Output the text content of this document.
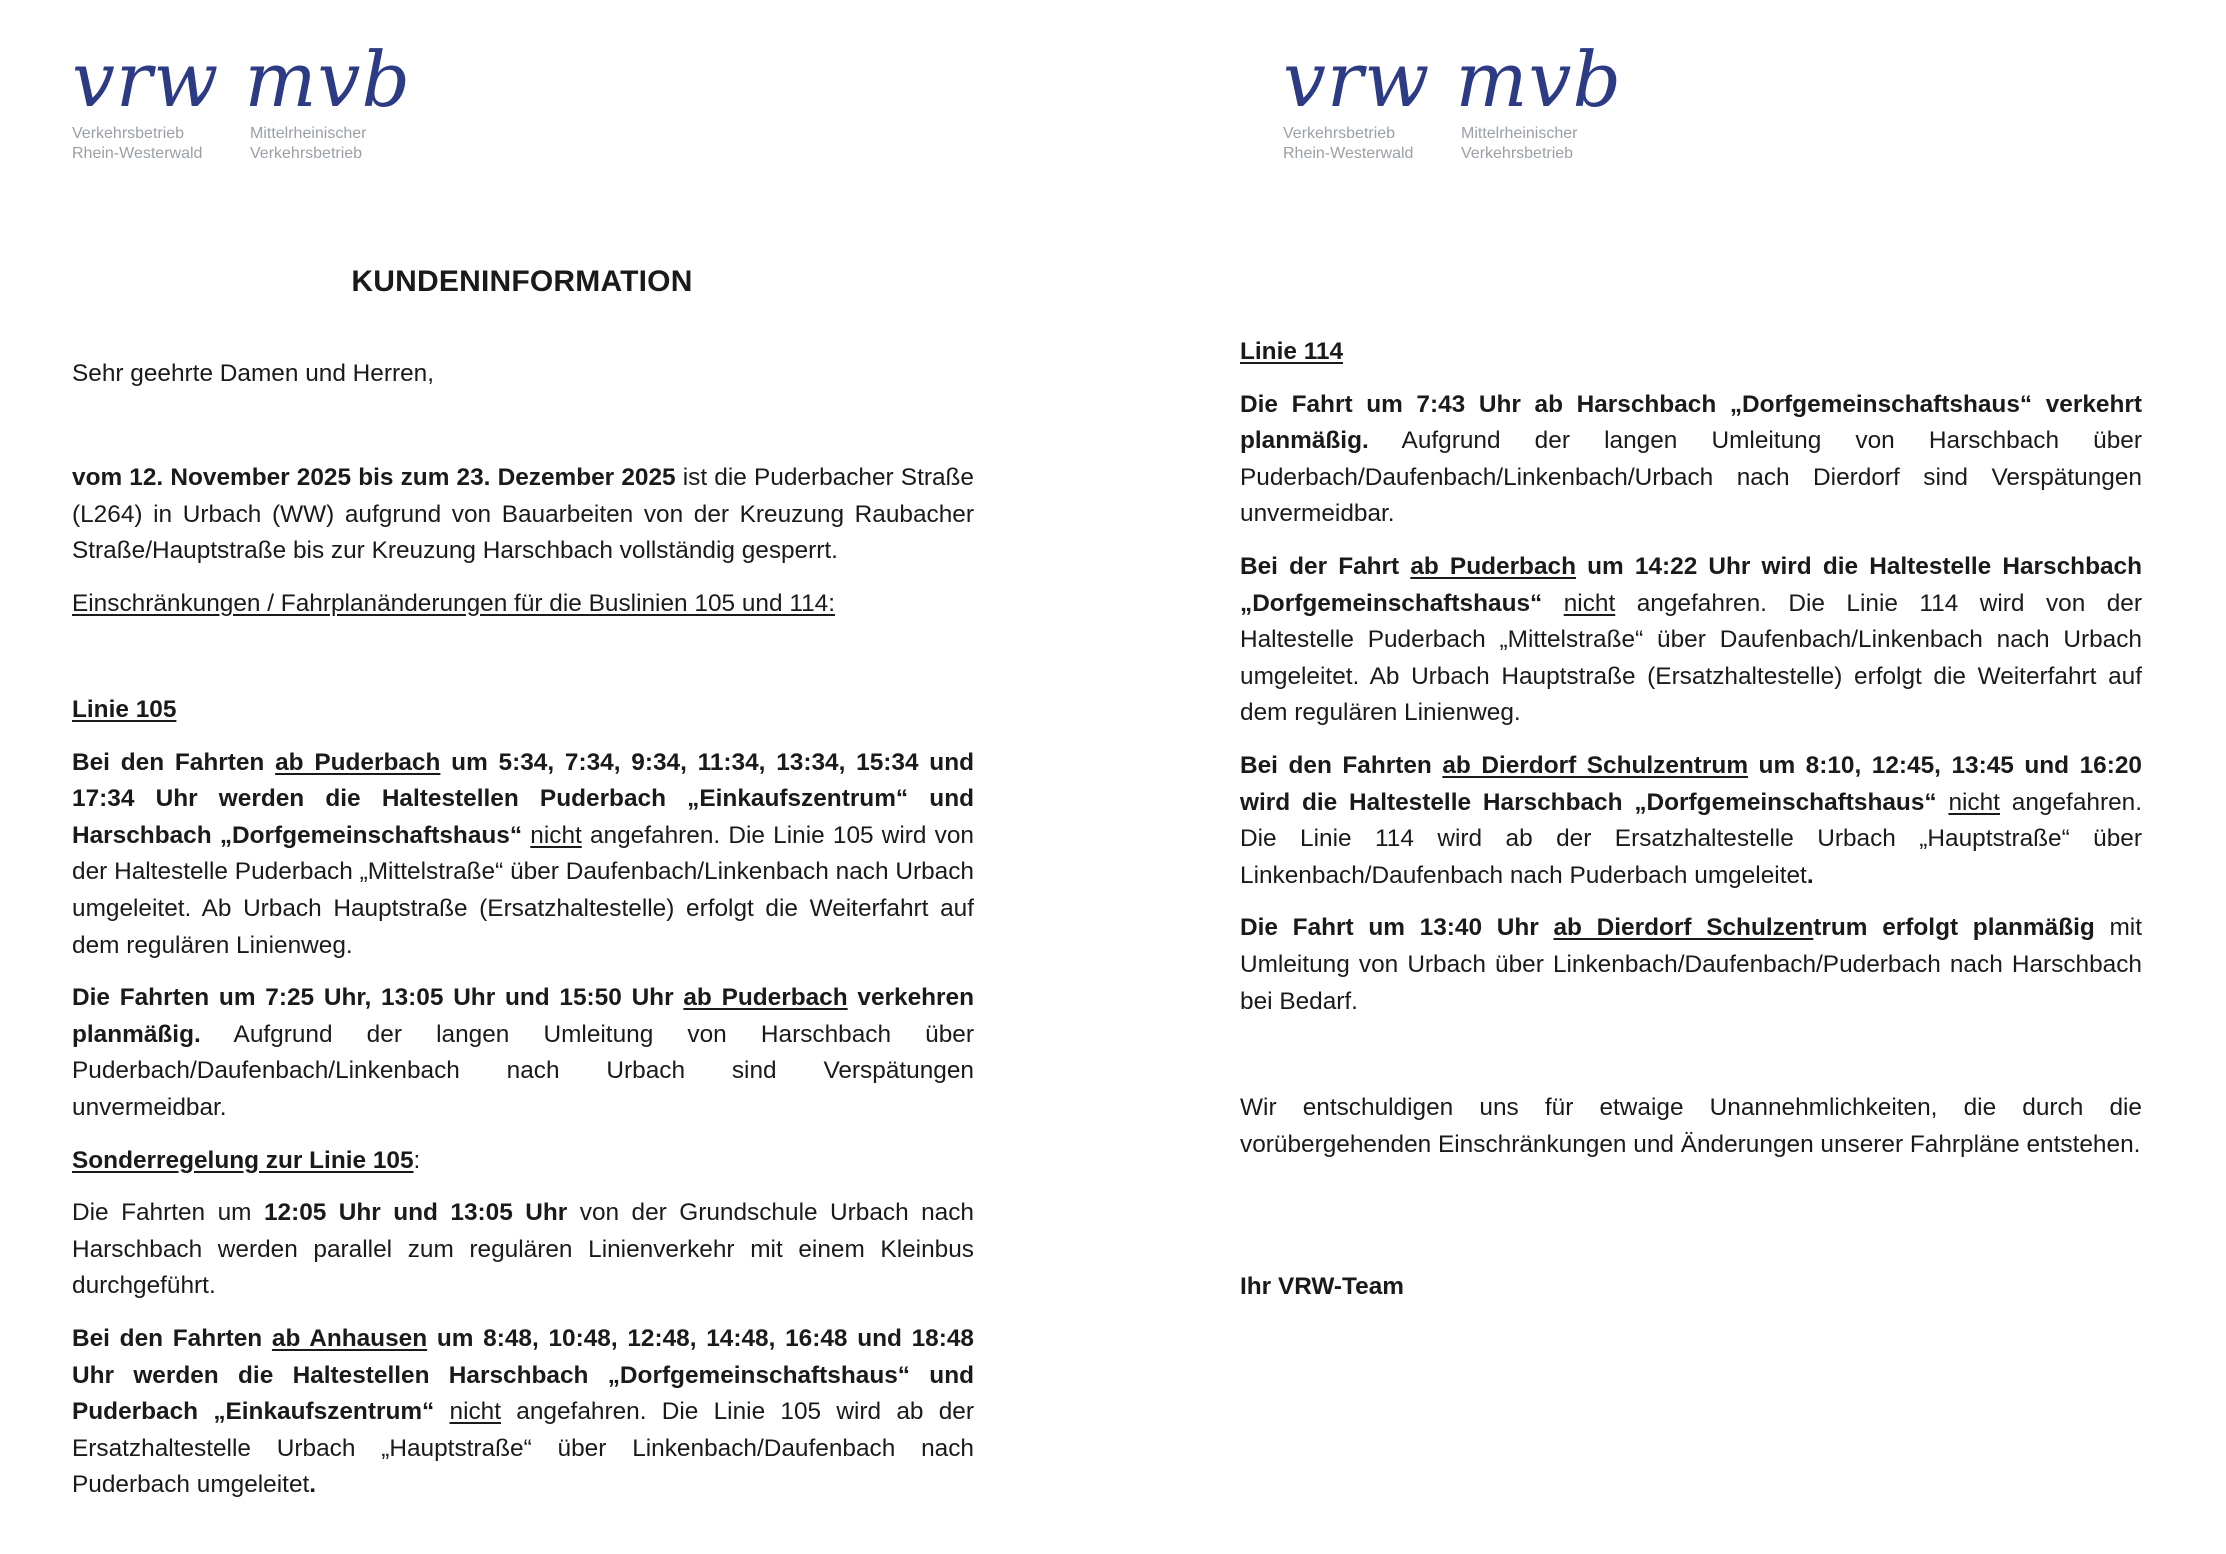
vrw mvb
Verkehrsbetrieb
Rhein-Westerwald
Mittelrheinischer
Verkehrsbetrieb
KUNDENINFORMATION

Sehr geehrte Damen und Herren,

vom 12. November 2025 bis zum 23. Dezember 2025 ist die Puderbacher Straße (L264) in Urbach (WW) aufgrund von Bauarbeiten von der Kreuzung Raubacher Straße/Hauptstraße bis zur Kreuzung Harschbach vollständig gesperrt.

Einschränkungen / Fahrplanänderungen für die Buslinien 105 und 114:

Linie 105

Bei den Fahrten ab Puderbach um 5:34, 7:34, 9:34, 11:34, 13:34, 15:34 und 17:34 Uhr werden die Haltestellen Puderbach „Einkaufszentrum“ und Harschbach „Dorfgemeinschaftshaus“ nicht angefahren. Die Linie 105 wird von der Haltestelle Puderbach „Mittelstraße“ über Daufenbach/Linkenbach nach Urbach umgeleitet. Ab Urbach Hauptstraße (Ersatzhaltestelle) erfolgt die Weiterfahrt auf dem regulären Linienweg.

Die Fahrten um 7:25 Uhr, 13:05 Uhr und 15:50 Uhr ab Puderbach verkehren planmäßig. Aufgrund der langen Umleitung von Harschbach über Puderbach/Daufenbach/Linkenbach nach Urbach sind Verspätungen unvermeidbar.

Sonderregelung zur Linie 105:

Die Fahrten um 12:05 Uhr und 13:05 Uhr von der Grundschule Urbach nach Harschbach werden parallel zum regulären Linienverkehr mit einem Kleinbus durchgeführt.

Bei den Fahrten ab Anhausen um 8:48, 10:48, 12:48, 14:48, 16:48 und 18:48 Uhr werden die Haltestellen Harschbach „Dorfgemeinschaftshaus“ und Puderbach „Einkaufszentrum“ nicht angefahren. Die Linie 105 wird ab der Ersatzhaltestelle Urbach „Hauptstraße“ über Linkenbach/Daufenbach nach Puderbach umgeleitet.

vrw mvb
Verkehrsbetrieb
Rhein-Westerwald
Mittelrheinischer
Verkehrsbetrieb

Linie 114

Die Fahrt um 7:43 Uhr ab Harschbach „Dorfgemeinschaftshaus“ verkehrt planmäßig. Aufgrund der langen Umleitung von Harschbach über Puderbach/Daufenbach/Linkenbach/Urbach nach Dierdorf sind Verspätungen unvermeidbar.

Bei der Fahrt ab Puderbach um 14:22 Uhr wird die Haltestelle Harschbach „Dorfgemeinschaftshaus“ nicht angefahren. Die Linie 114 wird von der Haltestelle Puderbach „Mittelstraße“ über Daufenbach/Linkenbach nach Urbach umgeleitet. Ab Urbach Hauptstraße (Ersatzhaltestelle) erfolgt die Weiterfahrt auf dem regulären Linienweg.

Bei den Fahrten ab Dierdorf Schulzentrum um 8:10, 12:45, 13:45 und 16:20 wird die Haltestelle Harschbach „Dorfgemeinschaftshaus“ nicht angefahren. Die Linie 114 wird ab der Ersatzhaltestelle Urbach „Hauptstraße“ über Linkenbach/Daufenbach nach Puderbach umgeleitet.

Die Fahrt um 13:40 Uhr ab Dierdorf Schulzentrum erfolgt planmäßig mit Umleitung von Urbach über Linkenbach/Daufenbach/Puderbach nach Harschbach bei Bedarf.

Wir entschuldigen uns für etwaige Unannehmlichkeiten, die durch die vorübergehenden Einschränkungen und Änderungen unserer Fahrpläne entstehen.

Ihr VRW-Team
